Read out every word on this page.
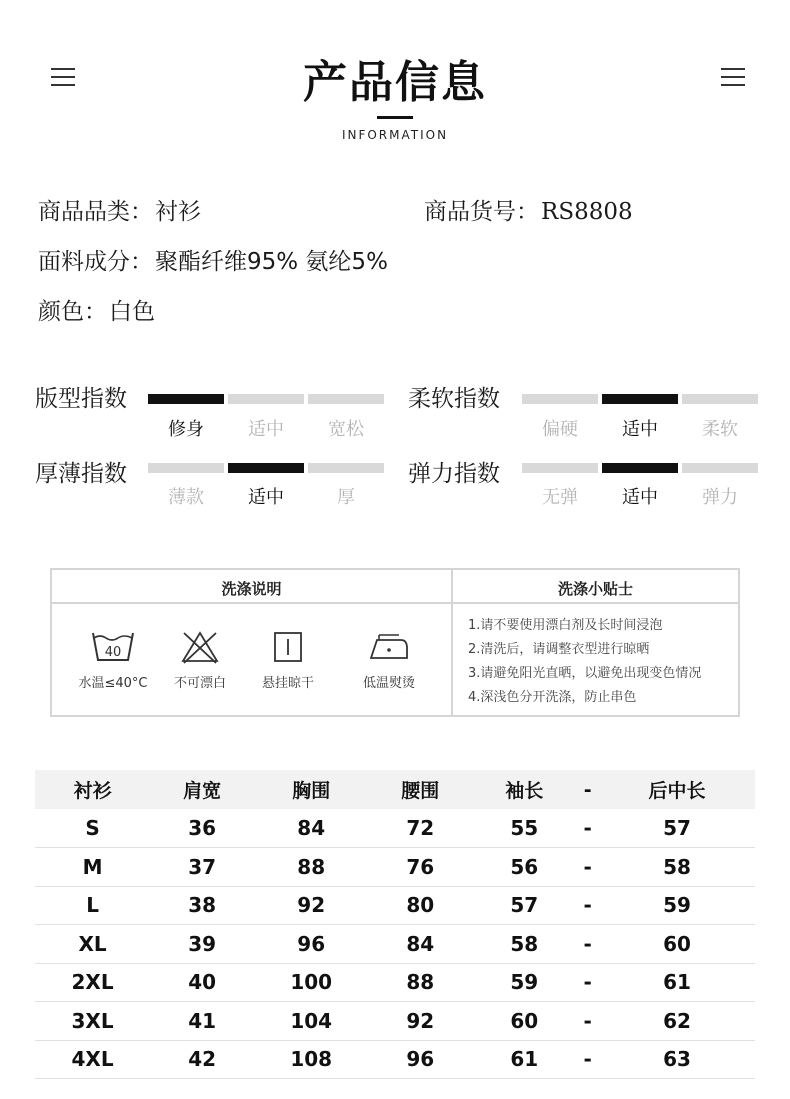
产品信息
INFORMATION
商品品类：衬衫	商品货号：RS8808
面料成分：聚酯纤维95% 氨纶5%
颜色：白色
版型指数
修身	适中	宽松
柔软指数
偏硬	适中	柔软
厚薄指数
薄款	适中	厚
弹力指数
无弹	适中	弹力
洗涤说明	洗涤小贴士
40
水温≤40°C	不可漂白	悬挂晾干	低温熨烫
1.请不要使用漂白剂及长时间浸泡
2.清洗后，请调整衣型进行晾晒
3.请避免阳光直晒，以避免出现变色情况
4.深浅色分开洗涤，防止串色
衬衫	肩宽	胸围	腰围	袖长	-	后中长
S	36	84	72	55	-	57
M	37	88	76	56	-	58
L	38	92	80	57	-	59
XL	39	96	84	58	-	60
2XL	40	100	88	59	-	61
3XL	41	104	92	60	-	62
4XL	42	108	96	61	-	63
